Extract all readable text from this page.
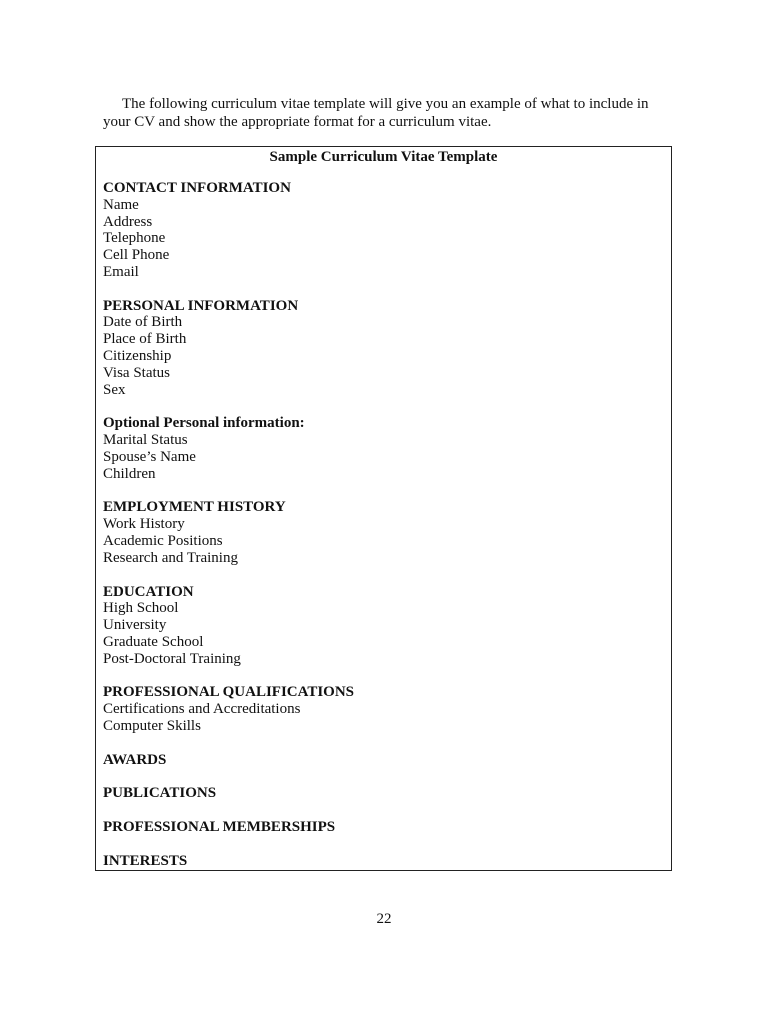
The following curriculum vitae template will give you an example of what to include in
your CV and show the appropriate format for a curriculum vitae.

Sample Curriculum Vitae Template
CONTACT INFORMATION
Name
Address
Telephone
Cell Phone
Email
PERSONAL INFORMATION
Date of Birth
Place of Birth
Citizenship
Visa Status
Sex
Optional Personal information:
Marital Status
Spouse’s Name
Children
EMPLOYMENT HISTORY
Work History
Academic Positions
Research and Training
EDUCATION
High School
University
Graduate School
Post-Doctoral Training
PROFESSIONAL QUALIFICATIONS
Certifications and Accreditations
Computer Skills
AWARDS
PUBLICATIONS
PROFESSIONAL MEMBERSHIPS
INTERESTS
22
